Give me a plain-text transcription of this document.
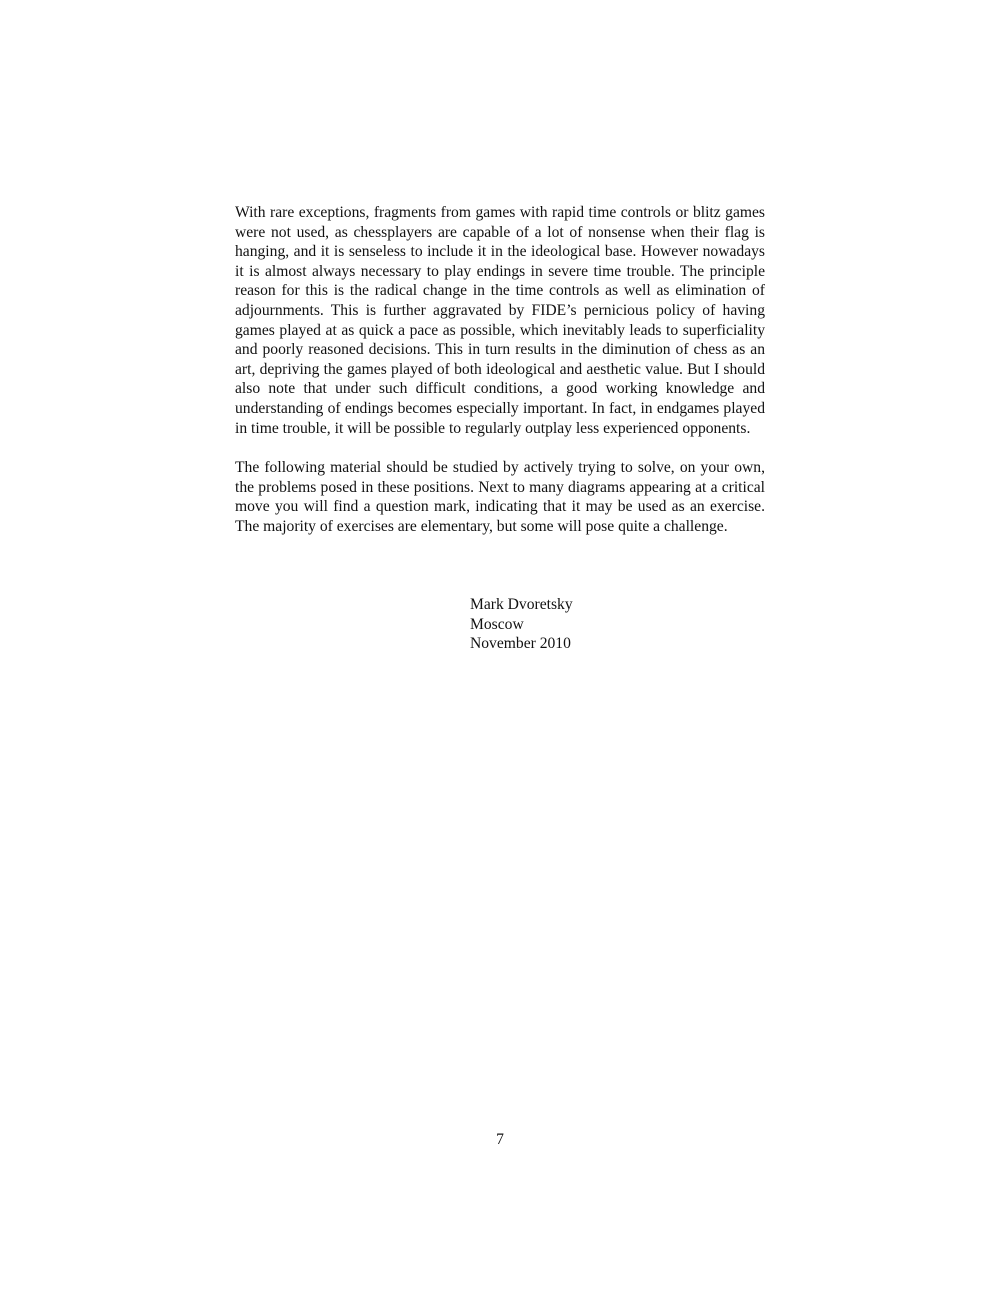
With rare exceptions, fragments from games with rapid time controls or blitz games were not used, as chessplayers are capable of a lot of nonsense when their flag is hanging, and it is senseless to include it in the ideological base. However nowadays it is almost always necessary to play endings in severe time trouble. The principle reason for this is the radical change in the time controls as well as elimination of adjournments. This is further aggravated by FIDE’s pernicious policy of having games played at as quick a pace as possible, which inevitably leads to superficiality and poorly reasoned decisions. This in turn results in the diminution of chess as an art, depriving the games played of both ideological and aesthetic value. But I should also note that under such difficult conditions, a good working knowledge and understanding of endings becomes especially important. In fact, in endgames played in time trouble, it will be possible to regularly outplay less experienced opponents.

The following material should be studied by actively trying to solve, on your own, the problems posed in these positions. Next to many diagrams appearing at a critical move you will find a question mark, indicating that it may be used as an exercise. The majority of exercises are elementary, but some will pose quite a challenge.

Mark Dvoretsky
Moscow
November 2010
7
